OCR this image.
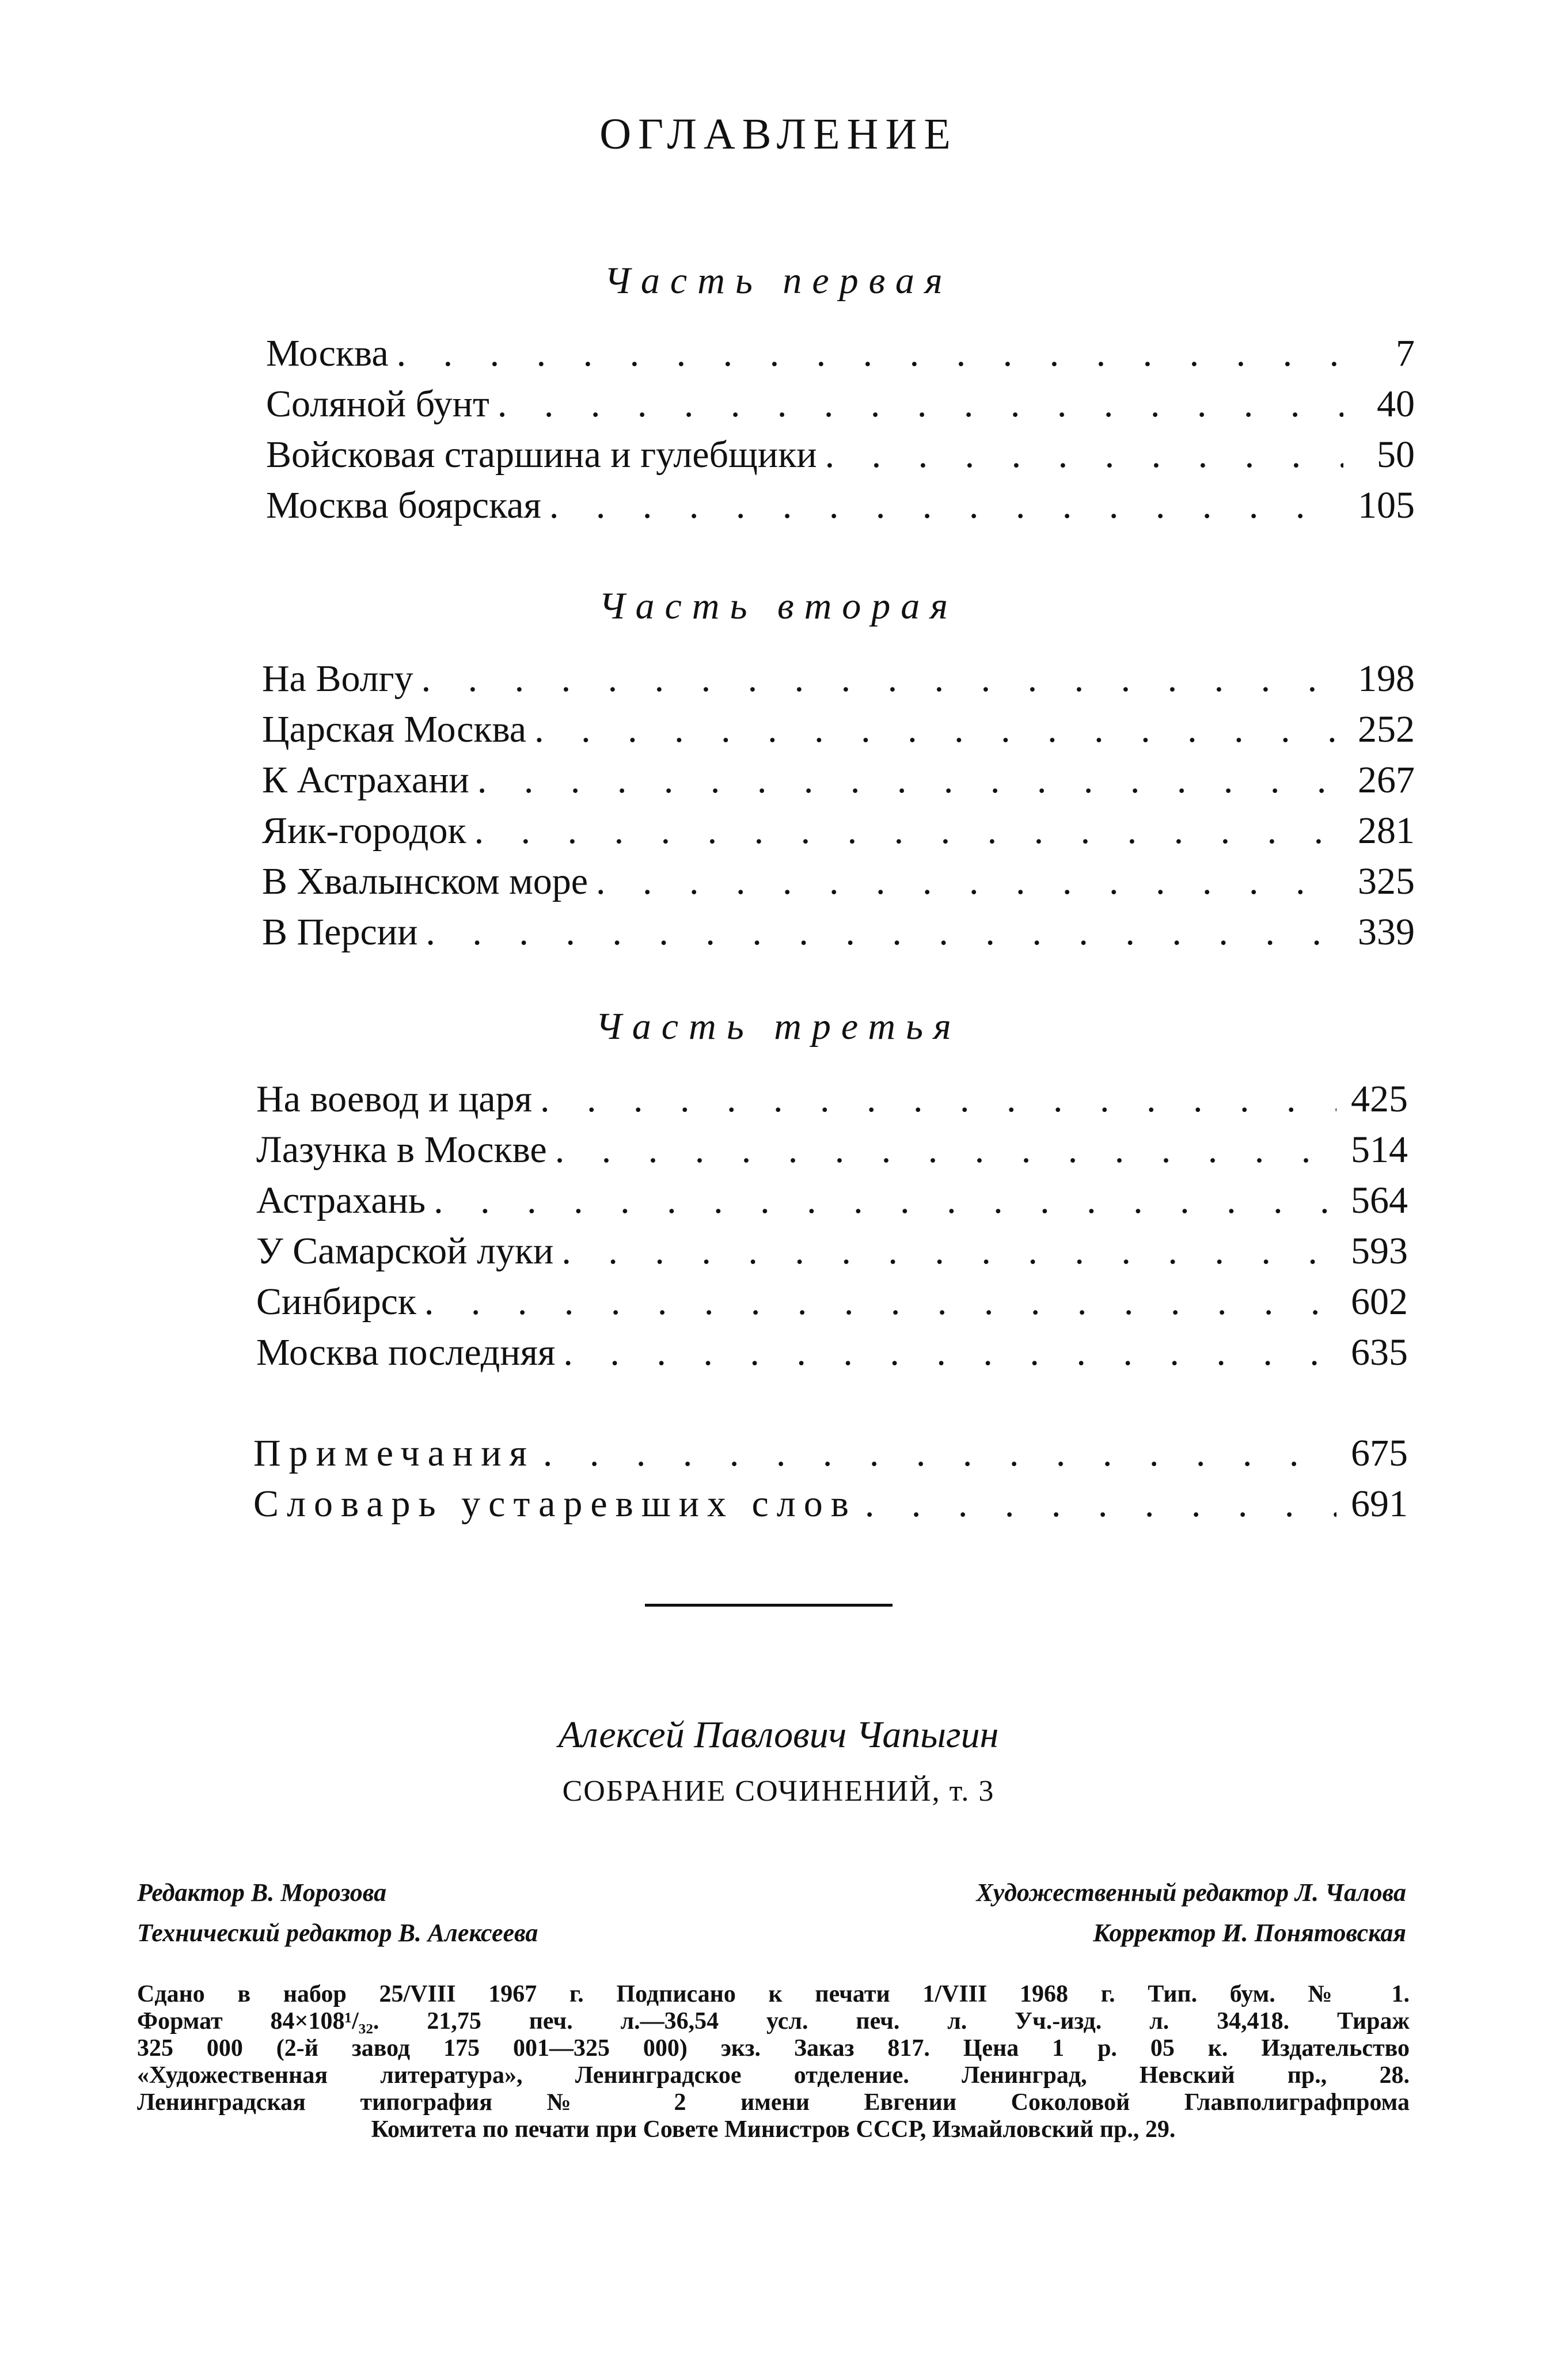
ОГЛАВЛЕНИЕ
Часть первая
Москва . . .	7
Соляной бунт . . .	40
Войсковая старшина и гулебщики . . .	50
Москва боярская . . .	105
Часть вторая
На Волгу . . .	198
Царская Москва . . .	252
К Астрахани . . .	267
Яик-городок . . .	281
В Хвалынском море . . .	325
В Персии . . .	339
Часть третья
На воевод и царя . . .	425
Лазунка в Москве . . .	514
Астрахань . . .	564
У Самарской луки . . .	593
Синбирск . . .	602
Москва последняя . . .	635
Примечания . . .	675
Словарь устаревших слов . . .	691
Алексей Павлович Чапыгин
СОБРАНИЕ СОЧИНЕНИЙ, т. 3
Редактор В. Морозова	Художественный редактор Л. Чалова
Технический редактор В. Алексеева	Корректор И. Понятовская
Сдано в набор 25/VIII 1967 г. Подписано к печати 1/VIII 1968 г. Тип. бум. № 1.
Формат 84×108¹/₃₂. 21,75 печ. л.—36,54 усл. печ. л. Уч.-изд. л. 34,418. Тираж
325 000 (2-й завод 175 001—325 000) экз. Заказ 817. Цена 1 р. 05 к. Издательство
«Художественная литература», Ленинградское отделение. Ленинград, Невский пр., 28.
Ленинградская типография № 2 имени Евгении Соколовой Главполиграфпрома
Комитета по печати при Совете Министров СССР, Измайловский пр., 29.
